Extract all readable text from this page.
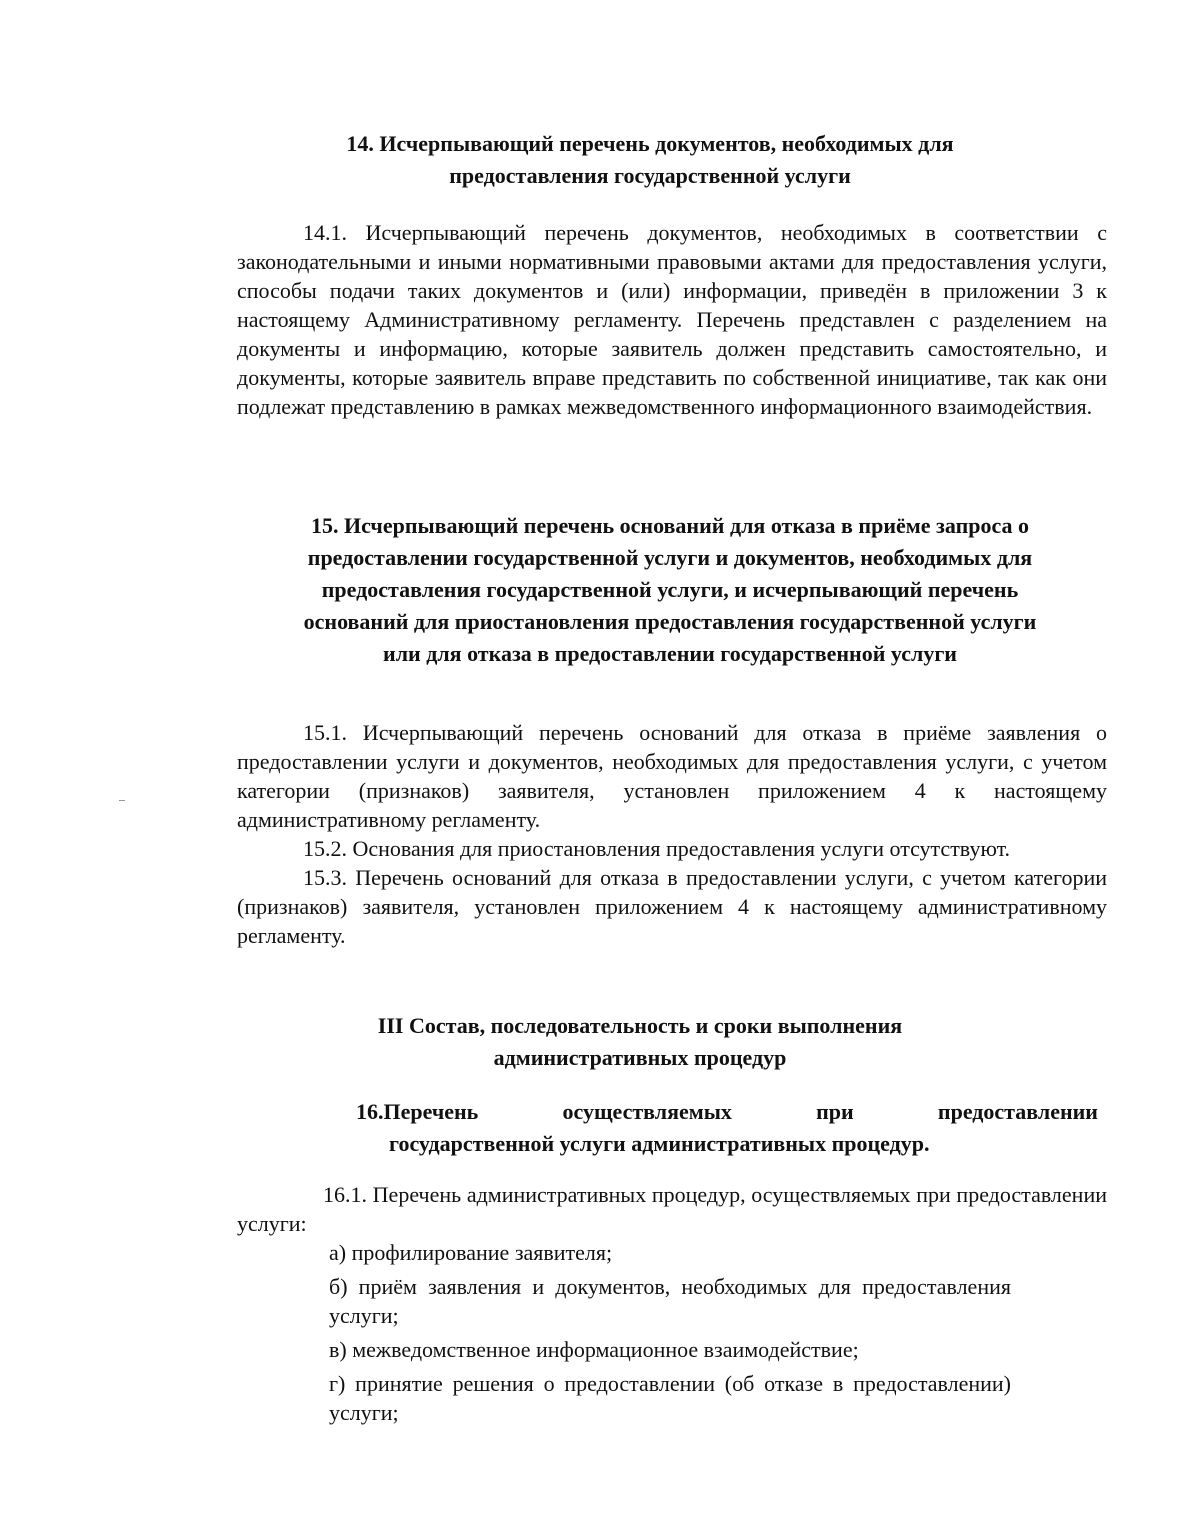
14. Исчерпывающий перечень документов, необходимых для предоставления государственной услуги

14.1. Исчерпывающий перечень документов, необходимых в соответствии с законодательными и иными нормативными правовыми актами для предоставления услуги, способы подачи таких документов и (или) информации, приведён в приложении 3 к настоящему Административному регламенту. Перечень представлен с разделением на документы и информацию, которые заявитель должен представить самостоятельно, и документы, которые заявитель вправе представить по собственной инициативе, так как они подлежат представлению в рамках межведомственного информационного взаимодействия.

15. Исчерпывающий перечень оснований для отказа в приёме запроса о предоставлении государственной услуги и документов, необходимых для предоставления государственной услуги, и исчерпывающий перечень оснований для приостановления предоставления государственной услуги или для отказа в предоставлении государственной услуги

15.1. Исчерпывающий перечень оснований для отказа в приёме заявления о предоставлении услуги и документов, необходимых для предоставления услуги, с учетом категории (признаков) заявителя, установлен приложением 4 к настоящему административному регламенту.

15.2. Основания для приостановления предоставления услуги отсутствуют.

15.3. Перечень оснований для отказа в предоставлении услуги, с учетом категории (признаков) заявителя, установлен приложением 4 к настоящему административному регламенту.

III Состав, последовательность и сроки выполнения административных процедур

16.Перечень осуществляемых при предоставлении

государственной услуги административных процедур.

16.1. Перечень административных процедур, осуществляемых при предоставлении услуги:

а) профилирование заявителя;
б) приём заявления и документов, необходимых для предоставления услуги;
в) межведомственное информационное взаимодействие;
г) принятие решения о предоставлении (об отказе в предоставлении) услуги;
